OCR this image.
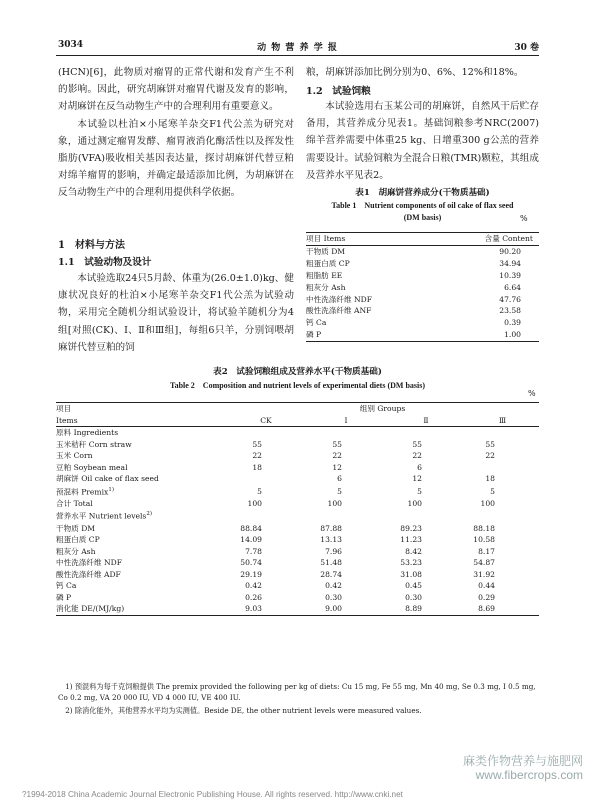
3034	动 物 营 养 学 报	30 卷

(HCN)[6]，此物质对瘤胃的正常代谢和发育产生不利的影响。因此，研究胡麻饼对瘤胃代谢及发育的影响，对胡麻饼在反刍动物生产中的合理利用有重要意义。

本试验以杜泊×小尾寒羊杂交F1代公羔为研究对象，通过测定瘤胃发酵、瘤胃液消化酶活性以及挥发性脂肪(VFA)吸收相关基因表达量，探讨胡麻饼代替豆粕对绵羊瘤胃的影响，并确定最适添加比例，为胡麻饼在反刍动物生产中的合理利用提供科学依据。

1　材料与方法
1.1　试验动物及设计
本试验选取24只5月龄、体重为(26.0±1.0)kg、健康状况良好的杜泊×小尾寒羊杂交F1代公羔为试验动物，采用完全随机分组试验设计，将试验羊随机分为4组[对照(CK)、Ⅰ、Ⅱ和Ⅲ组]，每组6只羊，分别饲喂胡麻饼代替豆粕的饲
粮，胡麻饼添加比例分别为0、6%、12%和18%。
1.2　试验饲粮
本试验选用右玉某公司的胡麻饼，自然风干后贮存备用，其营养成分见表1。基础饲粮参考NRC(2007)绵羊营养需要中体重25 kg、日增重300 g公羔的营养需要设计。试验饲粮为全混合日粮(TMR)颗粒，其组成及营养水平见表2。
表1　胡麻饼营养成分(干物质基础)
Table 1　Nutrient components of oil cake of flax seed (DM basis)	%
项目 Items	含量 Content
干物质 DM	90.20
粗蛋白质 CP	34.94
粗脂肪 EE	10.39
粗灰分 Ash	6.64
中性洗涤纤维 NDF	47.76
酸性洗涤纤维 ANF	23.58
钙 Ca	0.39
磷 P	1.00
表2　试验饲粮组成及营养水平(干物质基础)
Table 2　Composition and nutrient levels of experimental diets (DM basis)
%
项目	组别 Groups			
Items	CK	Ⅰ	Ⅱ	Ⅲ
原料 Ingredients				
玉米秸秆 Corn straw	55	55	55	55
玉米 Corn	22	22	22	22
豆粕 Soybean meal	18	12	6	
胡麻饼 Oil cake of flax seed		6	12	18
预混料 Premix$^{1)}$	5	5	5	5
合计 Total	100	100	100	100
营养水平 Nutrient levels$^{2)}$
干物质 DM	88.84	87.88	89.23	88.18
粗蛋白质 CP	14.09	13.13	11.23	10.58
粗灰分 Ash	7.78	7.96	8.42	8.17
中性洗涤纤维 NDF	50.74	51.48	53.23	54.87
酸性洗涤纤维 ADF	29.19	28.74	31.08	31.92
钙 Ca	0.42	0.42	0.45	0.44
磷 P	0.26	0.30	0.30	0.29
消化能 DE/(MJ/kg)	9.03	9.00	8.89	8.69
1) 预混料为每千克饲粮提供 The premix provided the following per kg of diets: Cu 15 mg, Fe 55 mg, Mn 40 mg, Se 0.3 mg, I 0.5 mg, Co 0.2 mg, VA 20 000 IU, VD 4 000 IU, VE 400 IU.
2) 除消化能外，其他营养水平均为实测值。Beside DE, the other nutrient levels were measured values.
麻类作物营养与施肥网
www.fibercrops.com
?1994-2018 China Academic Journal Electronic Publishing House. All rights reserved. http://www.cnki.net
